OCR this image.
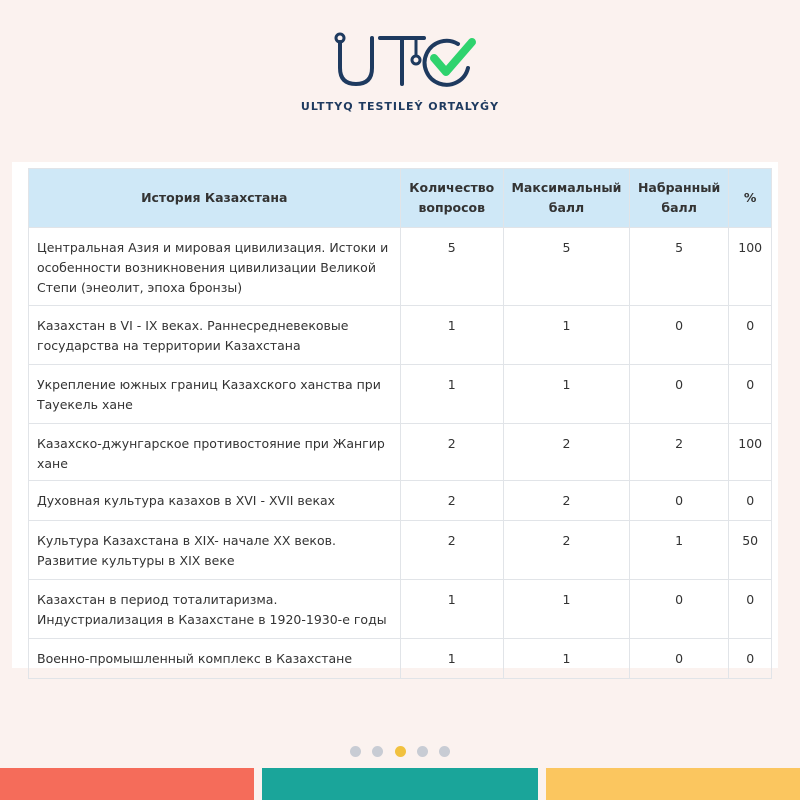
ULTTYQ TESTILEÝ ORTALYĠY
История Казахстана	Количество вопросов	Максимальный балл	Набранный балл	%
Центральная Азия и мировая цивилизация. Истоки и особенности возникновения цивилизации Великой Степи (энеолит, эпоха бронзы)	5	5	5	100
Казахстан в VI - IX веках. Раннесредневековые государства на территории Казахстана	1	1	0	0
Укрепление южных границ Казахского ханства при Тауекель хане	1	1	0	0
Казахско-джунгарское противостояние при Жангир хане	2	2	2	100
Духовная культура казахов в XVI - XVII веках	2	2	0	0
Культура Казахстана в XIX- начале XX веков. Развитие культуры в XIX веке	2	2	1	50
Казахстан в период тоталитаризма. Индустриализация в Казахстане в 1920-1930-е годы	1	1	0	0
Военно-промышленный комплекс в Казахстане	1	1	0	0
